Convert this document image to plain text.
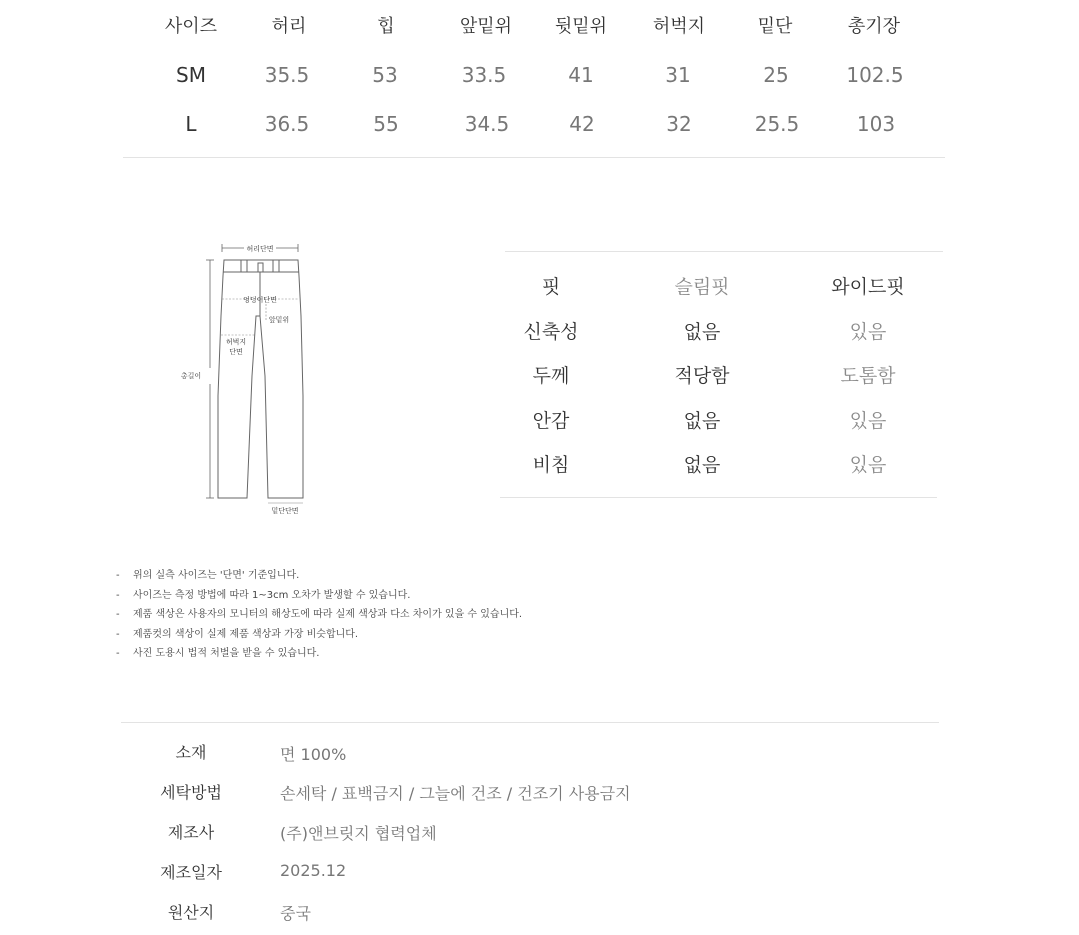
사이즈	허리	힙	앞밑위	뒷밑위	허벅지	밑단	총기장
SM	35.5	53	33.5	41	31	25	102.5
L	36.5	55	34.5	42	32	25.5	103
허리단면
엉덩이단면
앞밑위
허벅지
단면
총길이
밑단단면
핏	슬림핏	와이드핏
신축성	없음	있음
두께	적당함	도톰함
안감	없음	있음
비침	없음	있음
- 위의 실측 사이즈는 '단면' 기준입니다.
- 사이즈는 측정 방법에 따라 1~3cm 오차가 발생할 수 있습니다.
- 제품 색상은 사용자의 모니터의 해상도에 따라 실제 색상과 다소 차이가 있을 수 있습니다.
- 제품컷의 색상이 실제 제품 색상과 가장 비슷합니다.
- 사진 도용시 법적 처벌을 받을 수 있습니다.
소재	면 100%
세탁방법	손세탁 / 표백금지 / 그늘에 건조 / 건조기 사용금지
제조사	(주)앤브릿지 협력업체
제조일자	2025.12
원산지	중국
